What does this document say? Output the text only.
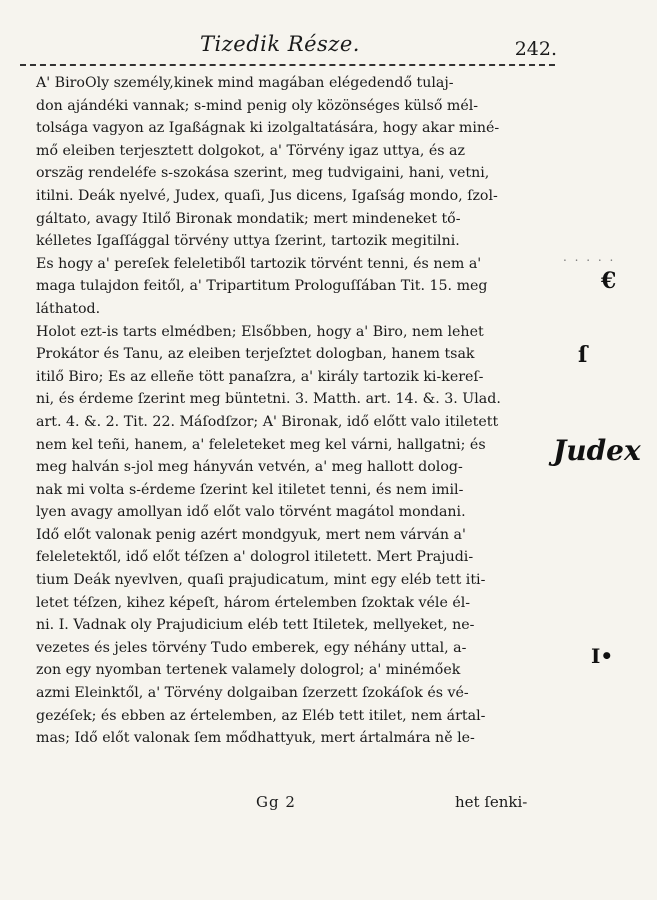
Tizedik Része.	242.
A' BiroOly személy,kinek mind magában elégedendő tulaj-
don ajándéki vannak; s-mind penig oly közönséges külső mél-
tolsága vagyon az Igaßágnak ki izolgaltatására, hogy akar miné-
mő eleiben terjesztett dolgokot, a' Törvény igaz uttya, és az
orszäg rendeléfe s-szokása szerint, meg tudvigaini, hani, vetni,
itilni. Deák nyelvé, Judex, quaſi, Jus dicens, Igaſság mondo, ſzol-
gáltato, avagy Itilő Bironak mondatik; mert mindeneket tő-
kélletes Igaſſággal törvény uttya ſzerint, tartozik megitilni.
Es hogy a' pereſek feleletiből tartozik törvént tenni, és nem a'
maga tulajdon feitől, a' Tripartitum Prologuſſában Tit. 15. meg
láthatod.
Holot ezt-is tarts elmédben; Elsőbben, hogy a' Biro, nem lehet
Prokátor és Tanu, az eleiben terjeſztet dologban, hanem tsak
itilő Biro; Es az elleñe tött panaſzra, a' király tartozik ki-kereſ-
ni, és érdeme ſzerint meg büntetni. 3. Matth. art. 14. &. 3. Ulad.
art. 4. &. 2. Tit. 22. Máſodſzor; A' Bironak, idő előtt valo itiletett
nem kel teñi, hanem, a' feleleteket meg kel várni, hallgatni; és
meg halván s-jol meg hányván vetvén, a' meg hallott dolog-
nak mi volta s-érdeme ſzerint kel itiletet tenni, és nem imil-
lyen avagy amollyan idő előt valo törvént magátol mondani.
Idő előt valonak penig azért mondgyuk, mert nem várván a'
feleletektől, idő előt téſzen a' dologrol itiletett. Mert Prajudi-
tium Deák nyevlven, quaſi prajudicatum, mint egy eléb tett iti-
letet téſzen, kihez képeſt, három értelemben ſzoktak véle él-
ni. I. Vadnak oly Prajudicium eléb tett Itiletek, mellyeket, ne-
vezetes és jeles törvény Tudo emberek, egy néhány uttal, a-
zon egy nyomban tertenek valamely dologrol; a' minémőek
azmi Eleinktől, a' Törvény dolgaiban ſzerzett ſzokáſok és vé-
gezéſek; és ebben az értelemben, az Eléb tett itilet, nem ártal-
mas; Idő előt valonak ſem mődhattyuk, mert ártalmára ně le-
. . . . .
€
ſ
Judex
I•
Gg 2	het ſenki-
